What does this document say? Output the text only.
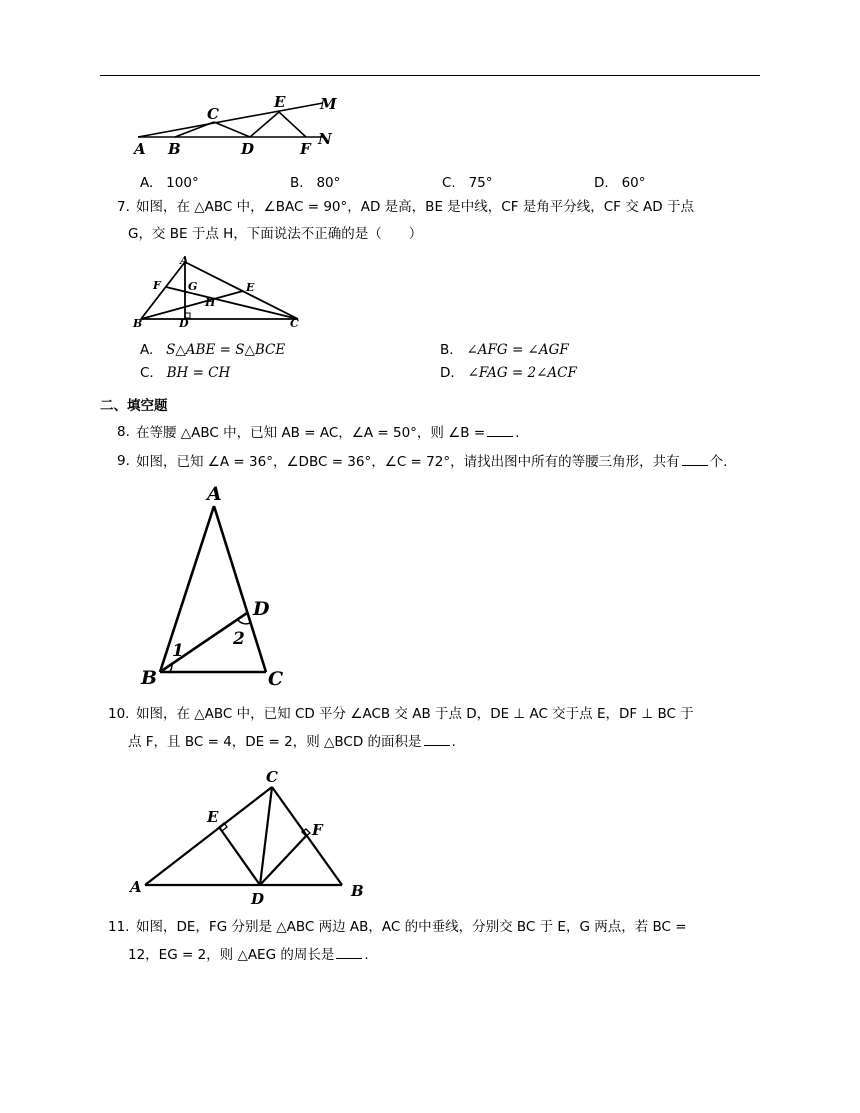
A B
C
D
E
F
M
N
A. 100°	B. 80°	C. 75°	D. 60°
7. 如图，在 △ABC 中，∠BAC = 90°，AD 是高，BE 是中线，CF 是角平分线，CF 交 AD 于点
G，交 BE 于点 H，下面说法不正确的是（　　）
A
B	C
D
E
F G
H
A. S△ABE = S△BCE	B. ∠AFG = ∠AGF
C. BH = CH	D. ∠FAG = 2∠ACF
二、填空题
8. 在等腰 △ABC 中，已知 AB = AC，∠A = 50°，则 ∠B = .
9. 如图，已知 ∠A = 36°，∠DBC = 36°，∠C = 72°，请找出图中所有的等腰三角形，共有 个.
A
B	C
D
1
2
10. 如图，在 △ABC 中，已知 CD 平分 ∠ACB 交 AB 于点 D，DE ⊥ AC 交于点 E，DF ⊥ BC 于
点 F，且 BC = 4，DE = 2，则 △BCD 的面积是 .
A	B
C
D
E
F
11. 如图，DE，FG 分别是 △ABC 两边 AB，AC 的中垂线，分别交 BC 于 E，G 两点，若 BC =
12，EG = 2，则 △AEG 的周长是 .
